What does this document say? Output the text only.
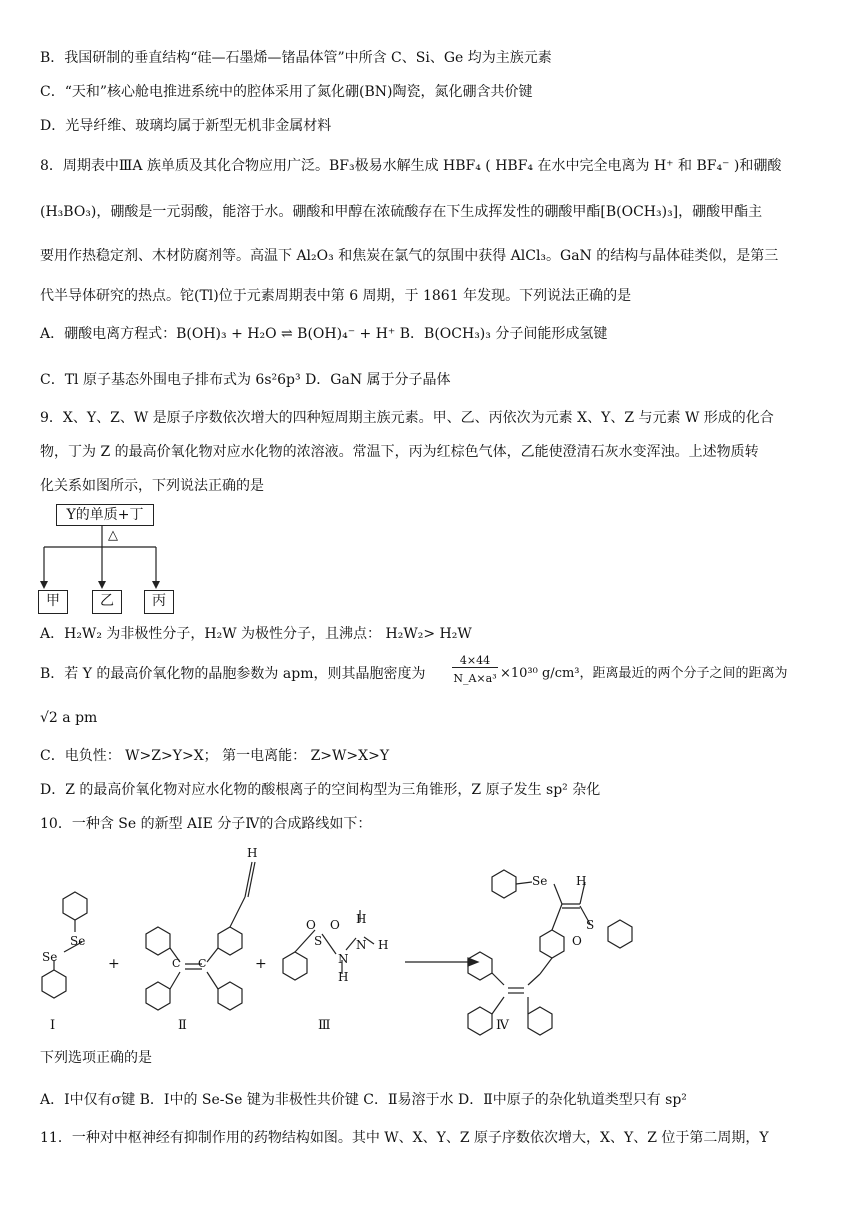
B．我国研制的垂直结构“硅—石墨烯—锗晶体管”中所含 C、Si、Ge 均为主族元素
C．“天和”核心舱电推进系统中的腔体采用了氮化硼(BN)陶瓷，氮化硼含共价键
D．光导纤维、玻璃均属于新型无机非金属材料
8．周期表中ⅢA 族单质及其化合物应用广泛。BF₃极易水解生成 HBF₄ ( HBF₄ 在水中完全电离为 H⁺ 和 BF₄⁻ )和硼酸
(H₃BO₃)，硼酸是一元弱酸，能溶于水。硼酸和甲醇在浓硫酸存在下生成挥发性的硼酸甲酯[B(OCH₃)₃]，硼酸甲酯主
要用作热稳定剂、木材防腐剂等。高温下 Al₂O₃ 和焦炭在氯气的氛围中获得 AlCl₃。GaN 的结构与晶体硅类似，是第三
代半导体研究的热点。铊(Tl)位于元素周期表中第 6 周期，于 1861 年发现。下列说法正确的是
A．硼酸电离方程式：B(OH)₃ + H₂O ⇌ B(OH)₄⁻ + H⁺ B．B(OCH₃)₃ 分子间能形成氢键
C．Tl 原子基态外围电子排布式为 6s²6p³ D．GaN 属于分子晶体
9．X、Y、Z、W 是原子序数依次增大的四种短周期主族元素。甲、乙、丙依次为元素 X、Y、Z 与元素 W 形成的化合
物，丁为 Z 的最高价氧化物对应水化物的浓溶液。常温下，丙为红棕色气体，乙能使澄清石灰水变浑浊。上述物质转
化关系如图所示，下列说法正确的是
Y的单质+丁
△
甲	乙	丙
A．H₂W₂ 为非极性分子，H₂W 为极性分子，且沸点： H₂W₂> H₂W
B．若 Y 的最高价氧化物的晶胞参数为 apm，则其晶胞密度为
4×44
N_A×a³ ×10³⁰ g/cm³，距离最近的两个分子之间的距离为
√2 a pm
C．电负性： W>Z>Y>X； 第一电离能： Z>W>X>Y
D．Z 的最高价氧化物对应水化物的酸根离子的空间构型为三角锥形，Z 原子发生 sp² 杂化
10．一种含 Se 的新型 AIE 分子Ⅳ的合成路线如下：
Se
Se
H
C C
O O
S
N
N
H
H
H
Se H
S
O
+	+
Ⅰ	Ⅱ	Ⅲ	Ⅳ
下列选项正确的是
A．Ⅰ中仅有σ键 B．Ⅰ中的 Se-Se 键为非极性共价键 C．Ⅱ易溶于水 D．Ⅱ中原子的杂化轨道类型只有 sp²
11．一种对中枢神经有抑制作用的药物结构如图。其中 W、X、Y、Z 原子序数依次增大，X、Y、Z 位于第二周期，Y
